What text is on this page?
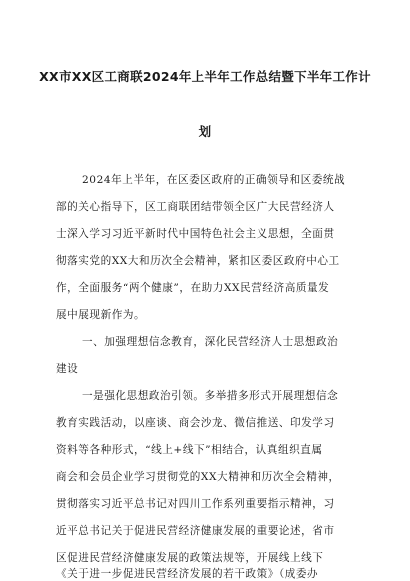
XX市XX区工商联2024年上半年工作总结暨下半年工作计
划
2024年上半年，在区委区政府的正确领导和区委统战
部的关心指导下，区工商联团结带领全区广大民营经济人
士深入学习习近平新时代中国特色社会主义思想，全面贯
彻落实党的XX大和历次全会精神，紧扣区委区政府中心工
作，全面服务“两个健康”，在助力XX民营经济高质量发
展中展现新作为。
一、加强理想信念教育，深化民营经济人士思想政治
建设
一是强化思想政治引领。多举措多形式开展理想信念
教育实践活动，以座谈、商会沙龙、微信推送、印发学习
资料等各种形式，“线上+线下”相结合，认真组织直属
商会和会员企业学习贯彻党的XX大精神和历次全会精神，
贯彻落实习近平总书记对四川工作系列重要指示精神，习
近平总书记关于促进民营经济健康发展的重要论述，省市
区促进民营经济健康发展的政策法规等，开展线上线下
《关于进一步促进民营经济发展的若干政策》（成委办
